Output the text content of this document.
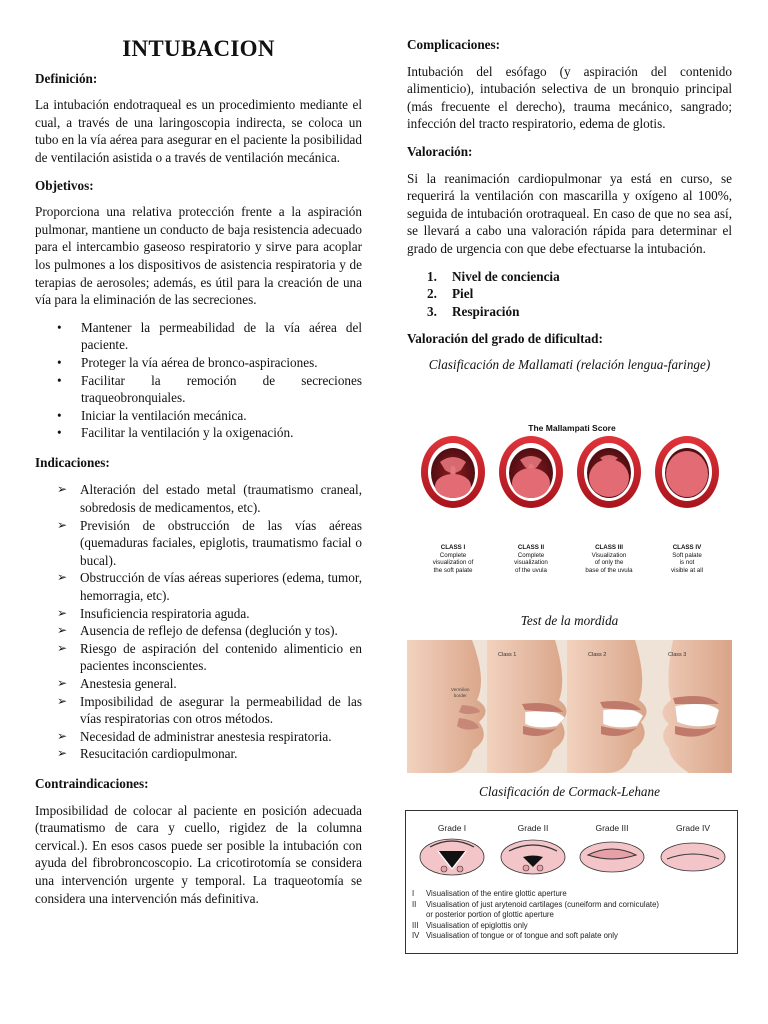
INTUBACION
Definición:

La intubación endotraqueal es un procedimiento mediante el cual, a través de una laringoscopia indirecta, se coloca un tubo en la vía aérea para asegurar en el paciente la posibilidad de ventilación asistida o a través de ventilación mecánica.

Objetivos:

Proporciona una relativa protección frente a la aspiración pulmonar, mantiene un conducto de baja resistencia adecuado para el intercambio gaseoso respiratorio y sirve para acoplar los pulmones a los dispositivos de asistencia respiratoria y de terapias de aerosoles; además, es útil para la creación de una vía para la eliminación de las secreciones.

• Mantener la permeabilidad de la vía aérea del paciente.
• Proteger la vía aérea de bronco-aspiraciones.
• Facilitar la remoción de secreciones traqueobronquiales.
• Iniciar la ventilación mecánica.
• Facilitar la ventilación y la oxigenación.
Indicaciones:
➢ Alteración del estado metal (traumatismo craneal, sobredosis de medicamentos, etc).
➢ Previsión de obstrucción de las vías aéreas (quemaduras faciales, epiglotis, traumatismo facial o bucal).
➢ Obstrucción de vías aéreas superiores (edema, tumor, hemorragia, etc).
➢ Insuficiencia respiratoria aguda.
➢ Ausencia de reflejo de defensa (deglución y tos).
➢ Riesgo de aspiración del contenido alimenticio en pacientes inconscientes.
➢ Anestesia general.
➢ Imposibilidad de asegurar la permeabilidad de las vías respiratorias con otros métodos.
➢ Necesidad de administrar anestesia respiratoria.
➢ Resucitación cardiopulmonar.
Contraindicaciones:

Imposibilidad de colocar al paciente en posición adecuada (traumatismo de cara y cuello, rigidez de la columna cervical.). En esos casos puede ser posible la intubación con ayuda del fibrobroncoscopio. La cricotirotomía se considera una intervención urgente y temporal. La traqueotomía se considera una intervención más definitiva.

Complicaciones:

Intubación del esófago (y aspiración del contenido alimenticio), intubación selectiva de un bronquio principal (más frecuente el derecho), trauma mecánico, sangrado; infección del tracto respiratorio, edema de glotis.

Valoración:

Si la reanimación cardiopulmonar ya está en curso, se requerirá la ventilación con mascarilla y oxígeno al 100%, seguida de intubación orotraqueal. En caso de que no sea así, se llevará a cabo una valoración rápida para determinar el grado de urgencia con que debe efectuarse la intubación.

1. Nivel de conciencia
2. Piel
3. Respiración
Valoración del grado de dificultad:
Clasificación de Mallamati (relación lengua-faringe)
The Mallampati Score
CLASS I
Complete
visualization of
the soft palate
CLASS II
Complete
visualization
of the uvula
CLASS III
Visualization
of only the
base of the uvula
CLASS IV
Soft palate
is not
visible at all
Test de la mordida
Class 1	Class 2	Class 3
Vermilion
border
Clasificación de Cormack-Lehane
Grade I	Grade II	Grade III	Grade IV
I Visualisation of the entire glottic aperture
II Visualisation of just arytenoid cartilages (cuneiform and corniculate)
or posterior portion of glottic aperture
III Visualisation of epiglottis only
IV Visualisation of tongue or of tongue and soft palate only
